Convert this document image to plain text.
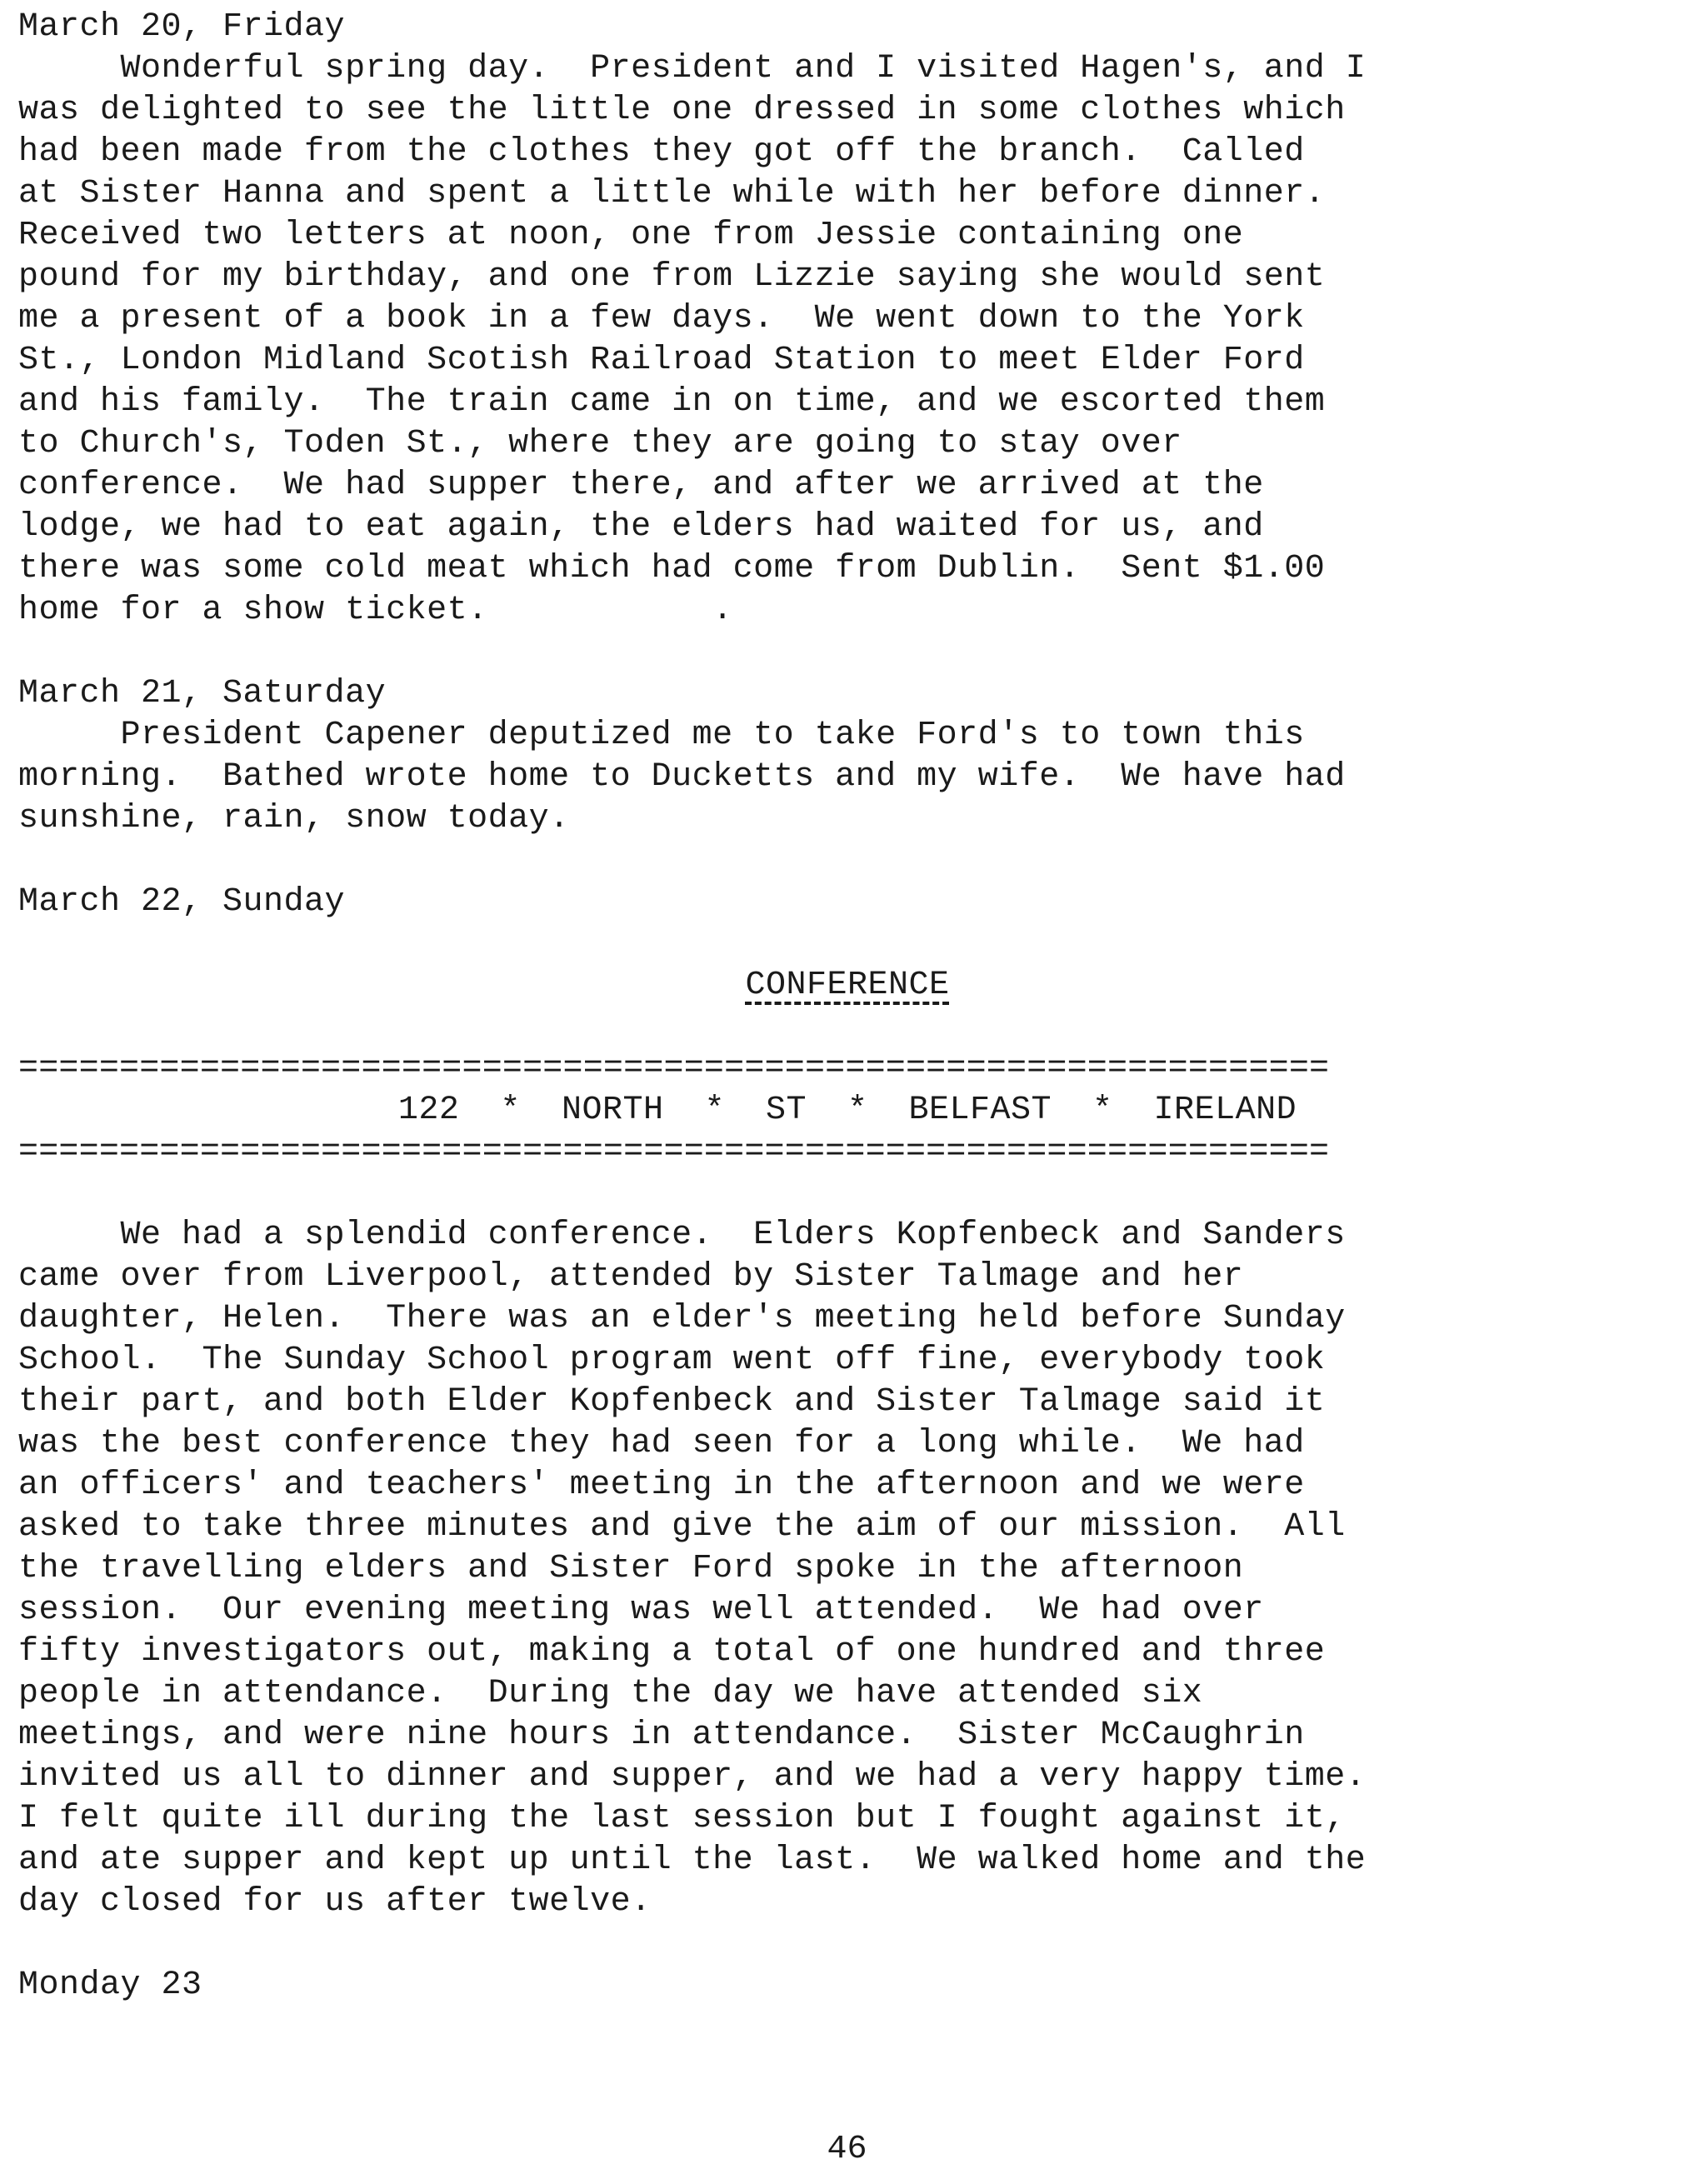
March 20, Friday
Wonderful spring day.  President and I visited Hagen's, and I
was delighted to see the little one dressed in some clothes which
had been made from the clothes they got off the branch.  Called
at Sister Hanna and spent a little while with her before dinner.
Received two letters at noon, one from Jessie containing one
pound for my birthday, and one from Lizzie saying she would sent
me a present of a book in a few days.  We went down to the York
St., London Midland Scotish Railroad Station to meet Elder Ford
and his family.  The train came in on time, and we escorted them
to Church's, Toden St., where they are going to stay over
conference.  We had supper there, and after we arrived at the
lodge, we had to eat again, the elders had waited for us, and
there was some cold meat which had come from Dublin.  Sent $1.00
home for a show ticket.           .
March 21, Saturday
President Capener deputized me to take Ford's to town this
morning.  Bathed wrote home to Ducketts and my wife.  We have had
sunshine, rain, snow today.
March 22, Sunday
CONFERENCE
=================================================================
122  *  NORTH  *  ST  *  BELFAST  *  IRELAND
=================================================================
We had a splendid conference.  Elders Kopfenbeck and Sanders
came over from Liverpool, attended by Sister Talmage and her
daughter, Helen.  There was an elder's meeting held before Sunday
School.  The Sunday School program went off fine, everybody took
their part, and both Elder Kopfenbeck and Sister Talmage said it
was the best conference they had seen for a long while.  We had
an officers' and teachers' meeting in the afternoon and we were
asked to take three minutes and give the aim of our mission.  All
the travelling elders and Sister Ford spoke in the afternoon
session.  Our evening meeting was well attended.  We had over
fifty investigators out, making a total of one hundred and three
people in attendance.  During the day we have attended six
meetings, and were nine hours in attendance.  Sister McCaughrin
invited us all to dinner and supper, and we had a very happy time.
I felt quite ill during the last session but I fought against it,
and ate supper and kept up until the last.  We walked home and the
day closed for us after twelve.
Monday 23
46
